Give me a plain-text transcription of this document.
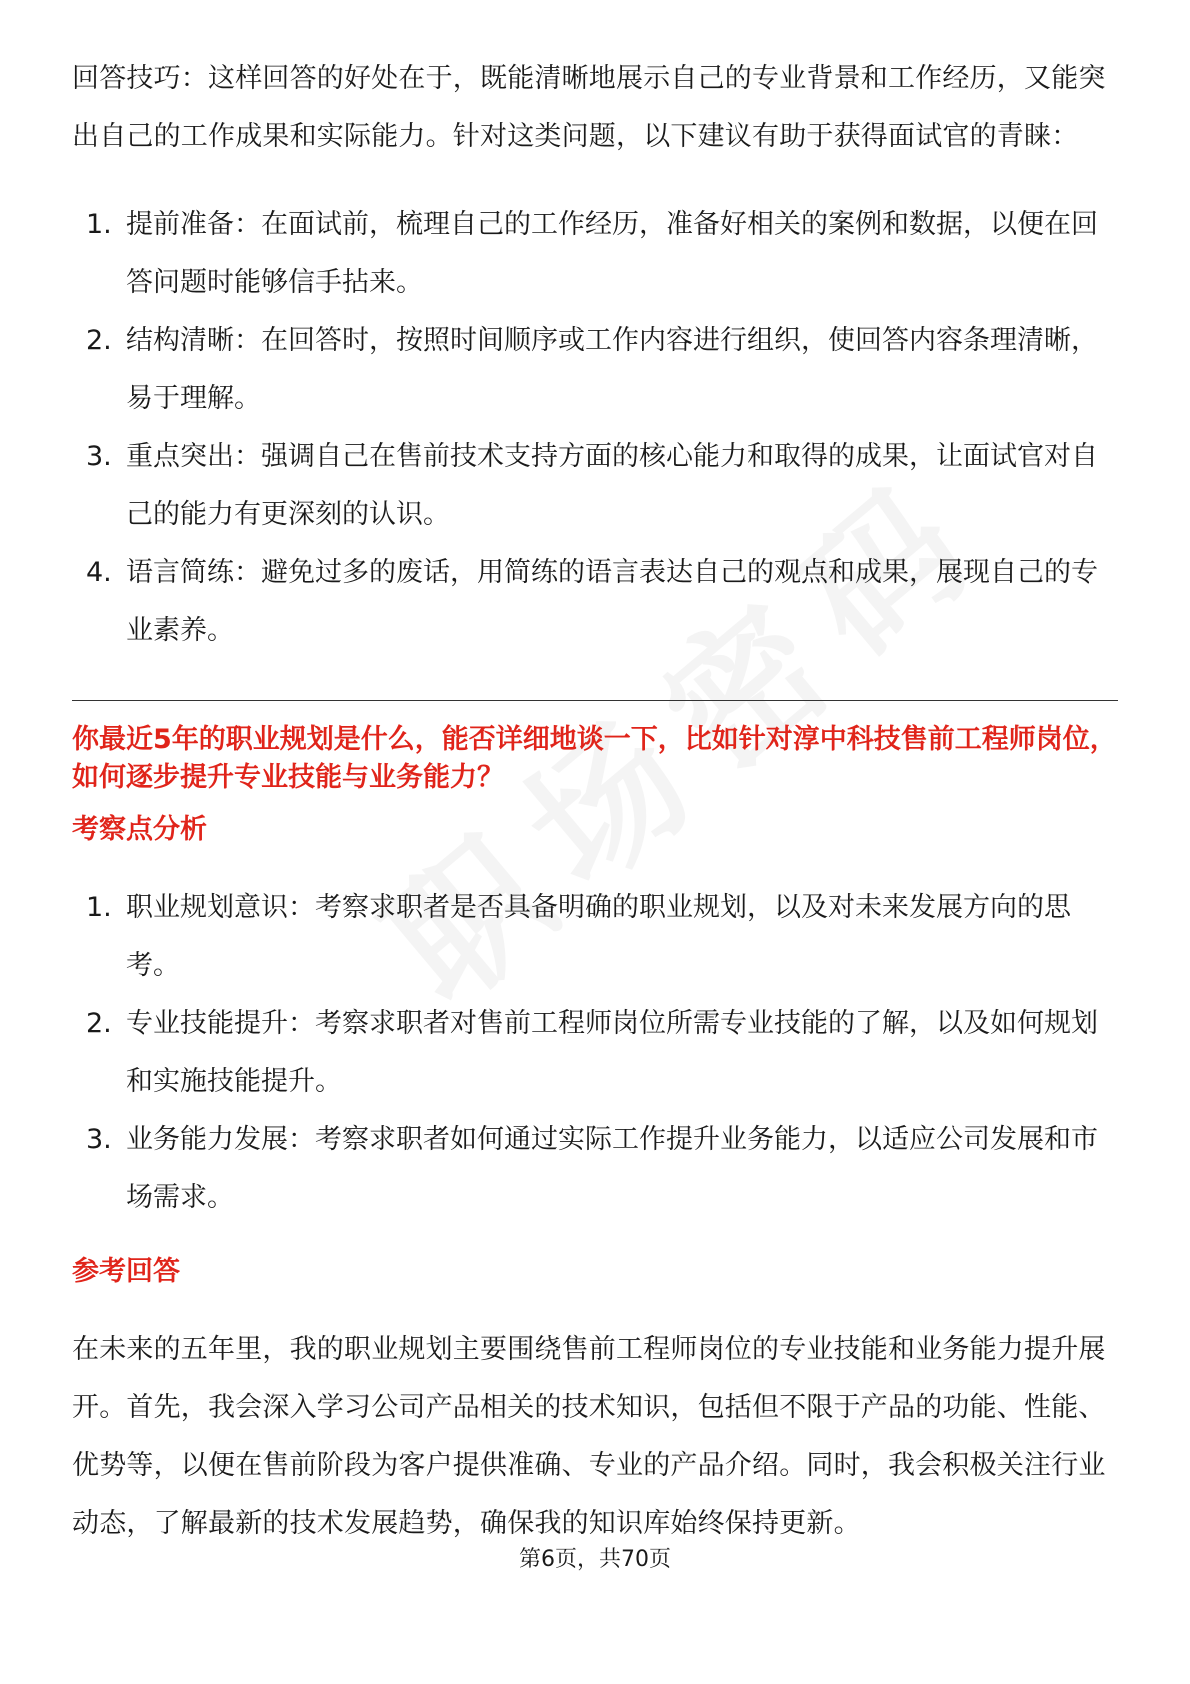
回答技巧：这样回答的好处在于，既能清晰地展示自己的专业背景和工作经历，又能突出自己的工作成果和实际能力。针对这类问题，以下建议有助于获得面试官的青睐：

1. 提前准备：在面试前，梳理自己的工作经历，准备好相关的案例和数据，以便在回答问题时能够信手拈来。
2. 结构清晰：在回答时，按照时间顺序或工作内容进行组织，使回答内容条理清晰，易于理解。
3. 重点突出：强调自己在售前技术支持方面的核心能力和取得的成果，让面试官对自己的能力有更深刻的认识。
4. 语言简练：避免过多的废话，用简练的语言表达自己的观点和成果，展现自己的专业素养。

你最近5年的职业规划是什么，能否详细地谈一下，比如针对淳中科技售前工程师岗位，如何逐步提升专业技能与业务能力？

考察点分析

1. 职业规划意识：考察求职者是否具备明确的职业规划，以及对未来发展方向的思考。
2. 专业技能提升：考察求职者对售前工程师岗位所需专业技能的了解，以及如何规划和实施技能提升。
3. 业务能力发展：考察求职者如何通过实际工作提升业务能力，以适应公司发展和市场需求。

参考回答

在未来的五年里，我的职业规划主要围绕售前工程师岗位的专业技能和业务能力提升展开。首先，我会深入学习公司产品相关的技术知识，包括但不限于产品的功能、性能、优势等，以便在售前阶段为客户提供准确、专业的产品介绍。同时，我会积极关注行业动态，了解最新的技术发展趋势，确保我的知识库始终保持更新。

第6页，共70页
